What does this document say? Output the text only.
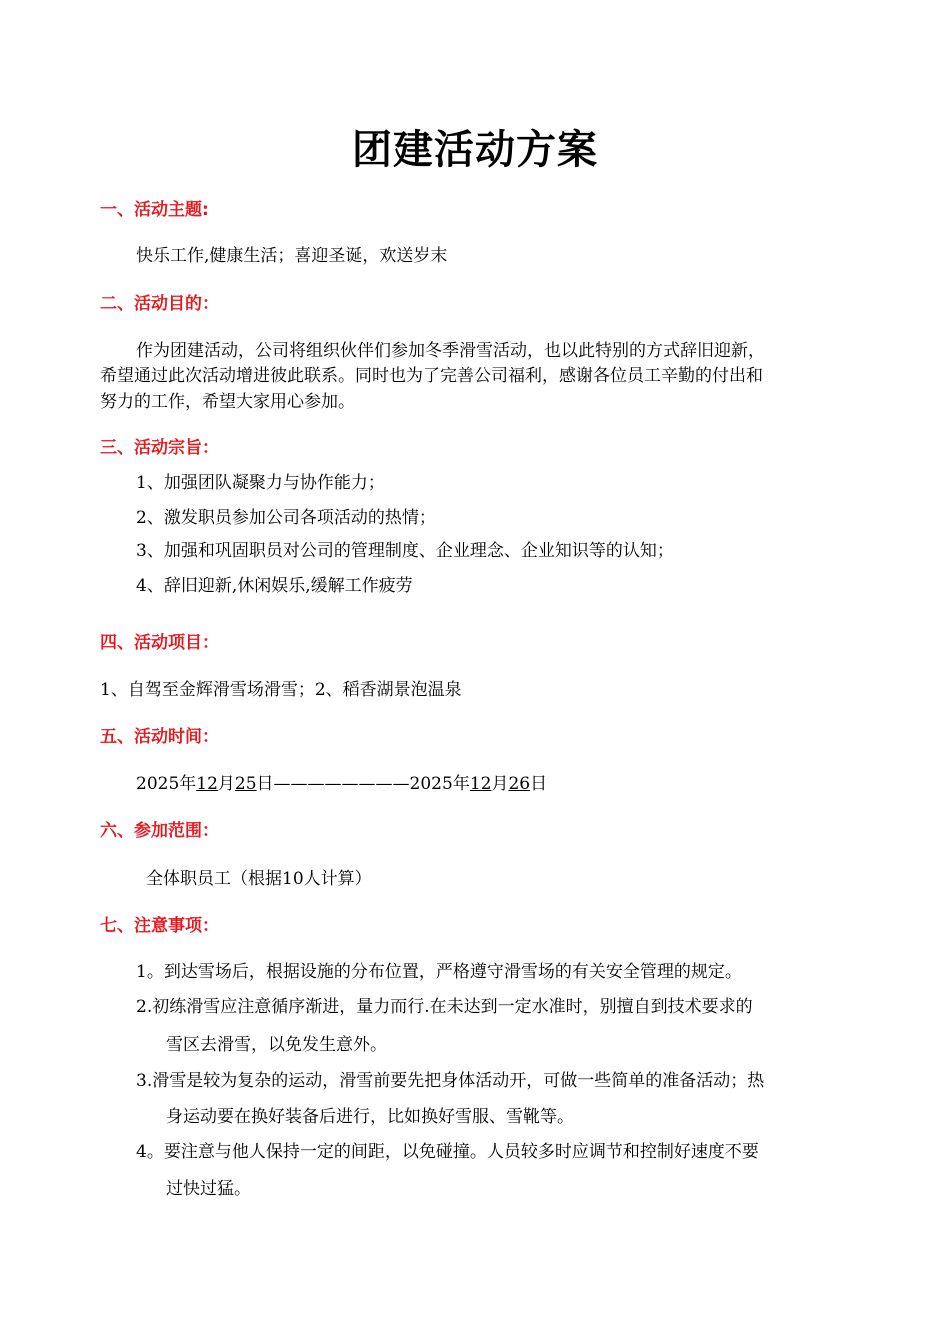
团建活动方案
一、活动主题:
快乐工作,健康生活；喜迎圣诞，欢送岁末
二、活动目的：
作为团建活动，公司将组织伙伴们参加冬季滑雪活动，也以此特别的方式辞旧迎新，
希望通过此次活动增进彼此联系。同时也为了完善公司福利，感谢各位员工辛勤的付出和
努力的工作，希望大家用心参加。
三、活动宗旨：
1、加强团队凝聚力与协作能力；
2、激发职员参加公司各项活动的热情；
3、加强和巩固职员对公司的管理制度、企业理念、企业知识等的认知；
4、辞旧迎新,休闲娱乐,缓解工作疲劳
四、活动项目：
1、自驾至金辉滑雪场滑雪；2、稻香湖景泡温泉
五、活动时间：
2025年12月25日————————2025年12月26日
六、参加范围：
全体职员工（根据10人计算）
七、注意事项：
1。到达雪场后，根据设施的分布位置，严格遵守滑雪场的有关安全管理的规定。
2.初练滑雪应注意循序渐进，量力而行.在未达到一定水准时，别擅自到技术要求的
雪区去滑雪，以免发生意外。
3.滑雪是较为复杂的运动，滑雪前要先把身体活动开，可做一些简单的准备活动；热
身运动要在换好装备后进行，比如换好雪服、雪靴等。
4。要注意与他人保持一定的间距，以免碰撞。人员较多时应调节和控制好速度不要
过快过猛。
